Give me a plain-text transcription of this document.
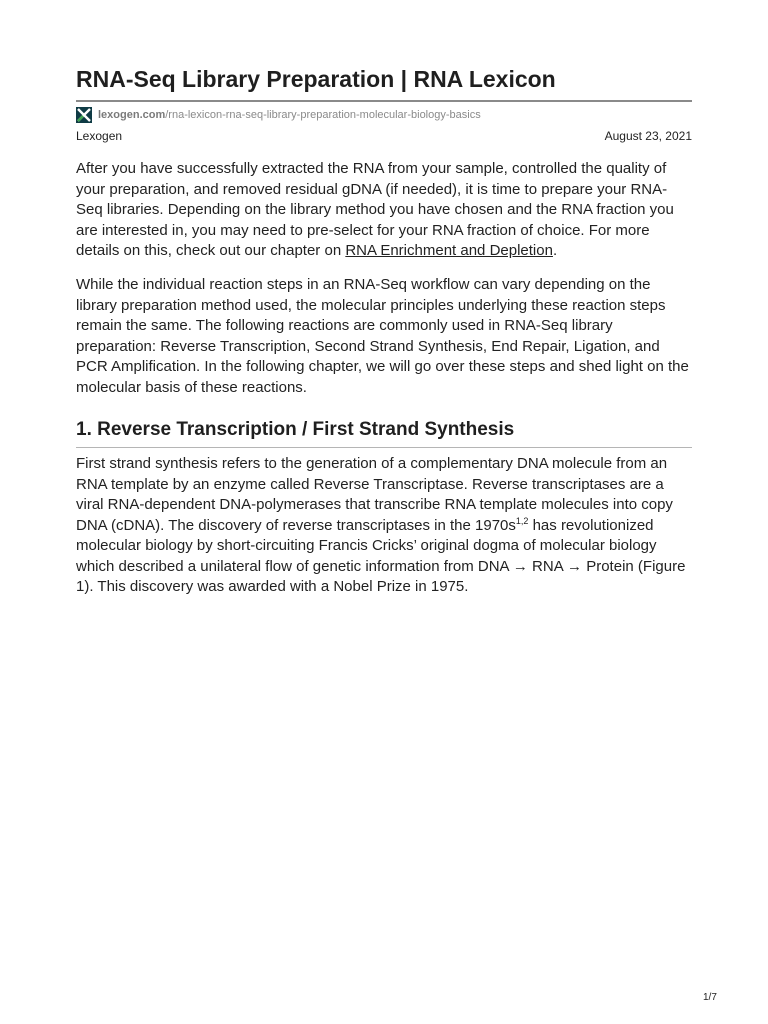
RNA-Seq Library Preparation | RNA Lexicon
lexogen.com /rna-lexicon-rna-seq-library-preparation-molecular-biology-basics
Lexogen	August 23, 2021

After you have successfully extracted the RNA from your sample, controlled the quality of your preparation, and removed residual gDNA (if needed), it is time to prepare your RNA-Seq libraries. Depending on the library method you have chosen and the RNA fraction you are interested in, you may need to pre-select for your RNA fraction of choice. For more details on this, check out our chapter on RNA Enrichment and Depletion.

While the individual reaction steps in an RNA-Seq workflow can vary depending on the library preparation method used, the molecular principles underlying these reaction steps remain the same. The following reactions are commonly used in RNA-Seq library preparation: Reverse Transcription, Second Strand Synthesis, End Repair, Ligation, and PCR Amplification. In the following chapter, we will go over these steps and shed light on the molecular basis of these reactions.

1. Reverse Transcription / First Strand Synthesis

First strand synthesis refers to the generation of a complementary DNA molecule from an RNA template by an enzyme called Reverse Transcriptase. Reverse transcriptases are a viral RNA-dependent DNA-polymerases that transcribe RNA template molecules into copy DNA (cDNA). The discovery of reverse transcriptases in the $1970s^{1,2}$ has revolutionized molecular biology by short-circuiting Francis Cricks’ original dogma of molecular biology which described a unilateral flow of genetic information from DNA → RNA → Protein (Figure 1). This discovery was awarded with a Nobel Prize in 1975.

1/7
